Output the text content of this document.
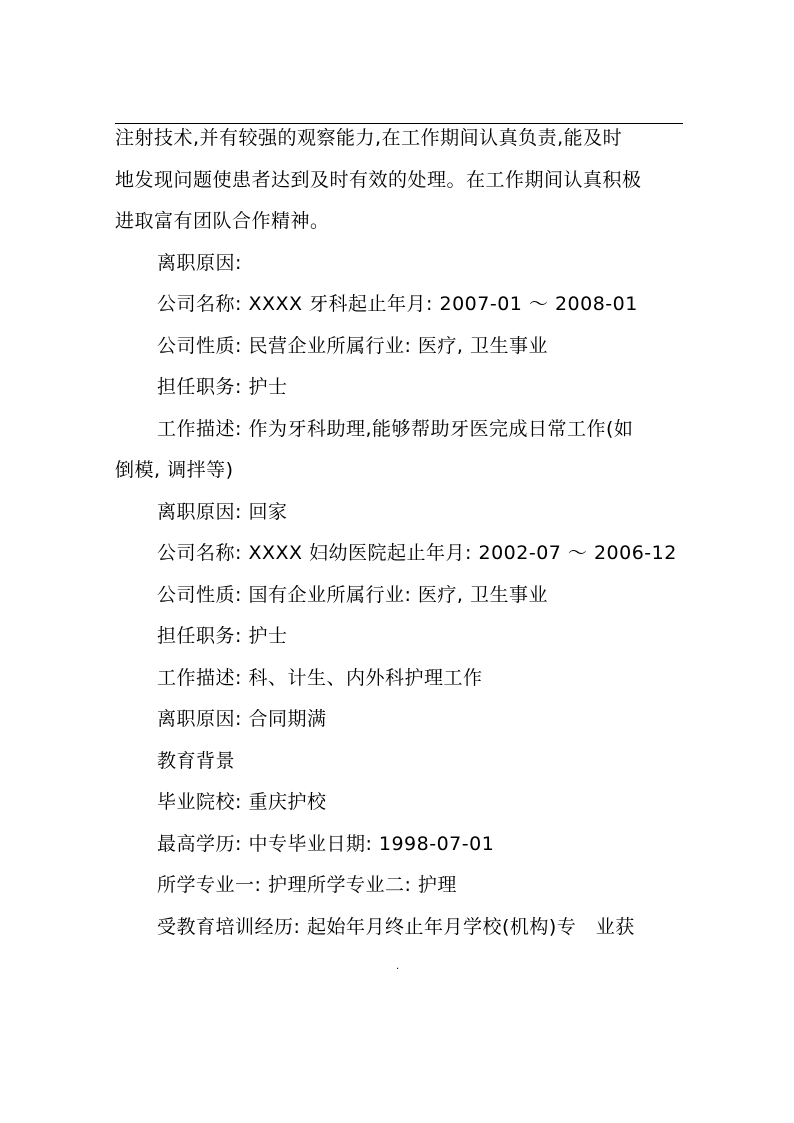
注射技术,并有较强的观察能力,在工作期间认真负责,能及时
地发现问题使患者达到及时有效的处理。在工作期间认真积极
进取富有团队合作精神。
离职原因:
公司名称: XXXX 牙科起止年月: 2007-01 ～ 2008-01
公司性质: 民营企业所属行业: 医疗, 卫生事业
担任职务: 护士
工作描述: 作为牙科助理,能够帮助牙医完成日常工作(如
倒模, 调拌等)
离职原因: 回家
公司名称: XXXX 妇幼医院起止年月: 2002-07 ～ 2006-12
公司性质: 国有企业所属行业: 医疗, 卫生事业
担任职务: 护士
工作描述: 科、计生、内外科护理工作
离职原因: 合同期满
教育背景
毕业院校: 重庆护校
最高学历: 中专毕业日期: 1998-07-01
所学专业一: 护理所学专业二: 护理
受教育培训经历: 起始年月终止年月学校(机构)专　业获
.
